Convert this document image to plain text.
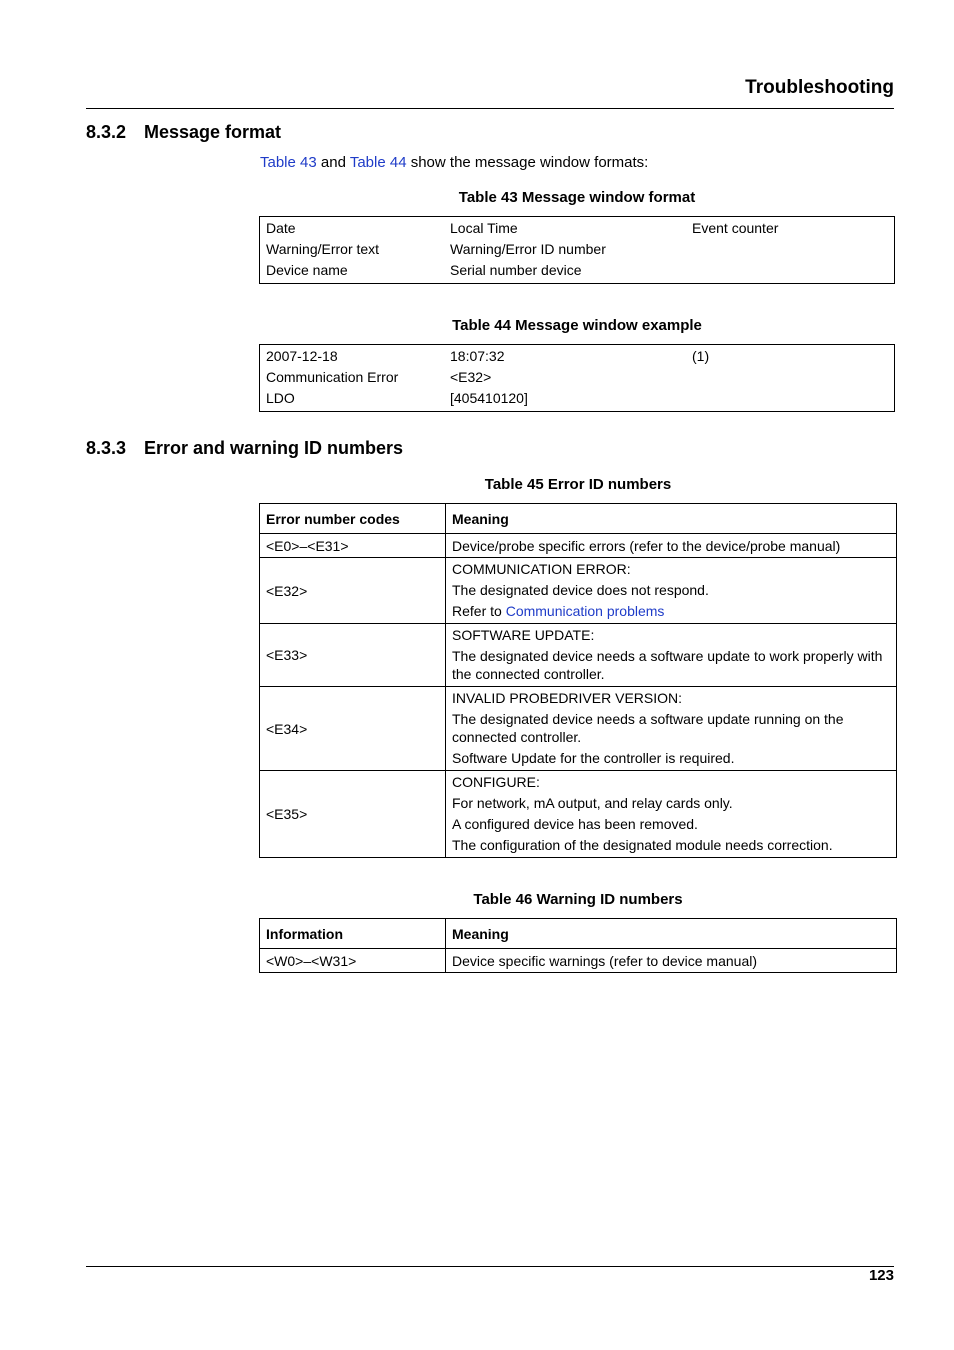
Troubleshooting
8.3.2 Message format
Table 43 and Table 44 show the message window formats:
Table 43 Message window format
Date	Local Time	Event counter
Warning/Error text	Warning/Error ID number	
Device name	Serial number device	
Table 44 Message window example
2007-12-18	18:07:32	(1)
Communication Error	<E32>	
LDO	[405410120]	
8.3.3 Error and warning ID numbers
Table 45 Error ID numbers
Error number codes	Meaning
<E0>–<E31>	Device/probe specific errors (refer to the device/probe manual)

<E32>	COMMUNICATION ERROR:
The designated device does not respond.
Refer to Communication problems

<E33>	SOFTWARE UPDATE:
The designated device needs a software update to work properly with the connected controller.

<E34>	INVALID PROBEDRIVER VERSION:
The designated device needs a software update running on the connected controller.
Software Update for the controller is required.

<E35>	CONFIGURE:
For network, mA output, and relay cards only.
A configured device has been removed.
The configuration of the designated module needs correction.
Table 46 Warning ID numbers
Information	Meaning
<W0>–<W31>	Device specific warnings (refer to device manual)
123
